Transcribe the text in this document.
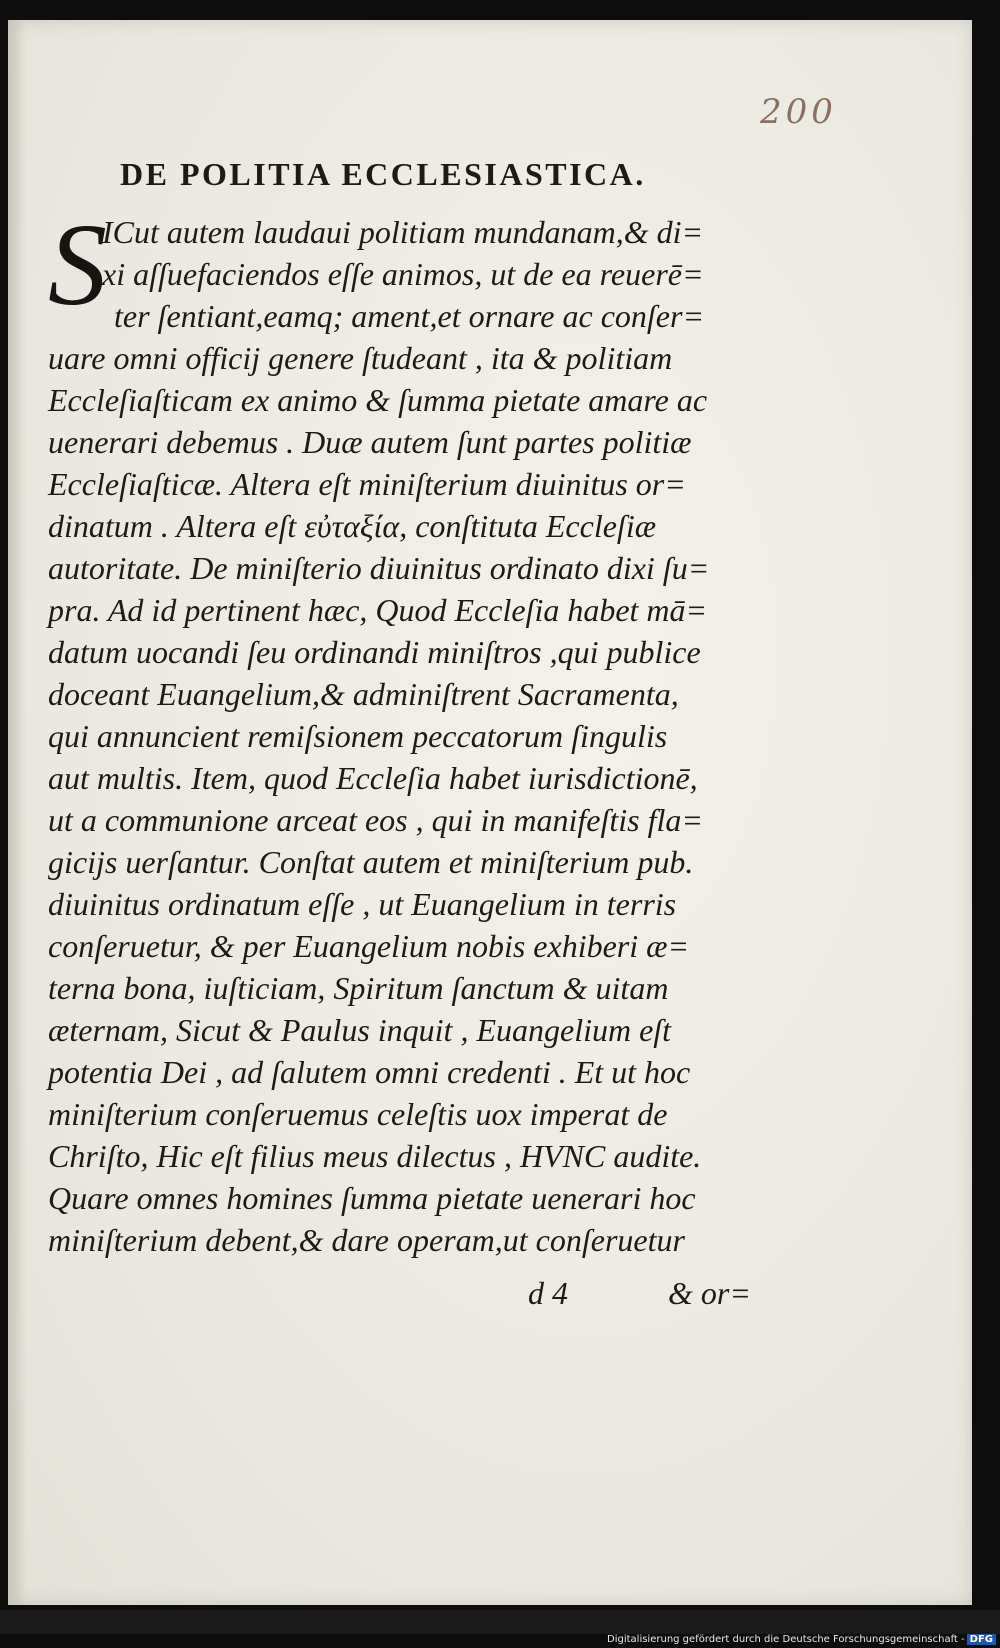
200
DE POLITIA ECCLESIASTICA.
S
ICut autem laudaui politiam mundanam,& di=
xi aſſuefaciendos eſſe animos, ut de ea reuerē=
ter ſentiant,eamq; ament,et ornare ac conſer=
uare omni officij genere ſtudeant , ita & politiam
Eccleſiaſticam ex animo & ſumma pietate amare ac
uenerari debemus . Duæ autem ſunt partes politiæ
Eccleſiaſticæ. Altera eſt miniſterium diuinitus or=
dinatum . Altera eſt εὐταξία, conſtituta Eccleſiæ
autoritate. De miniſterio diuinitus ordinato dixi ſu=
pra. Ad id pertinent hæc, Quod Eccleſia habet mā=
datum uocandi ſeu ordinandi miniſtros ,qui publice
doceant Euangelium,& adminiſtrent Sacramenta,
qui annuncient remiſsionem peccatorum ſingulis
aut multis. Item, quod Eccleſia habet iurisdictionē,
ut a communione arceat eos , qui in manifeſtis fla=
gicijs uerſantur. Conſtat autem et miniſterium pub.
diuinitus ordinatum eſſe , ut Euangelium in terris
conſeruetur, & per Euangelium nobis exhiberi æ=
terna bona, iuſticiam, Spiritum ſanctum & uitam
æternam, Sicut & Paulus inquit , Euangelium eſt
potentia Dei , ad ſalutem omni credenti . Et ut hoc
miniſterium conſeruemus celeſtis uox imperat de
Chriſto, Hic eſt filius meus dilectus , HVNC audite.
Quare omnes homines ſumma pietate uenerari hoc
miniſterium debent,& dare operam,ut conſeruetur
d 4	& or=
Digitalisierung gefördert durch die Deutsche Forschungsgemeinschaft - DFG
